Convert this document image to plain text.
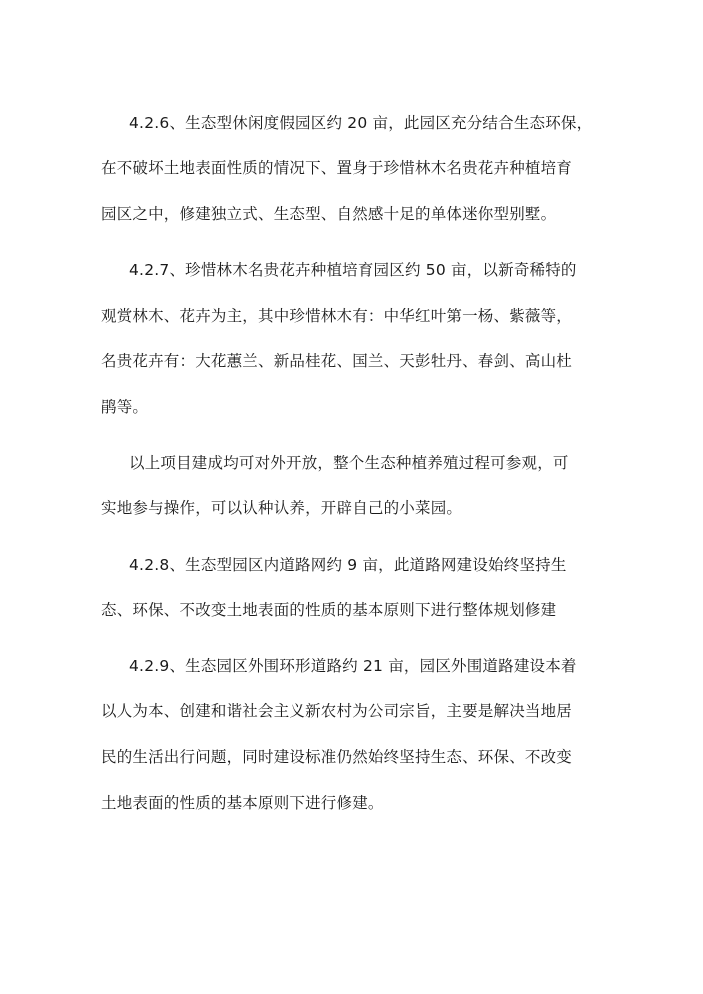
4.2.6、生态型休闲度假园区约 20 亩，此园区充分结合生态环保，
在不破坏土地表面性质的情况下、置身于珍惜林木名贵花卉种植培育
园区之中，修建独立式、生态型、自然感十足的单体迷你型别墅。
4.2.7、珍惜林木名贵花卉种植培育园区约 50 亩，以新奇稀特的
观赏林木、花卉为主，其中珍惜林木有：中华红叶第一杨、紫薇等，
名贵花卉有：大花蕙兰、新品桂花、国兰、天彭牡丹、春剑、高山杜
鹃等。
以上项目建成均可对外开放，整个生态种植养殖过程可参观，可
实地参与操作，可以认种认养，开辟自己的小菜园。
4.2.8、生态型园区内道路网约 9 亩，此道路网建设始终坚持生
态、环保、不改变土地表面的性质的基本原则下进行整体规划修建
4.2.9、生态园区外围环形道路约 21 亩，园区外围道路建设本着
以人为本、创建和谐社会主义新农村为公司宗旨，主要是解决当地居
民的生活出行问题，同时建设标准仍然始终坚持生态、环保、不改变
土地表面的性质的基本原则下进行修建。
